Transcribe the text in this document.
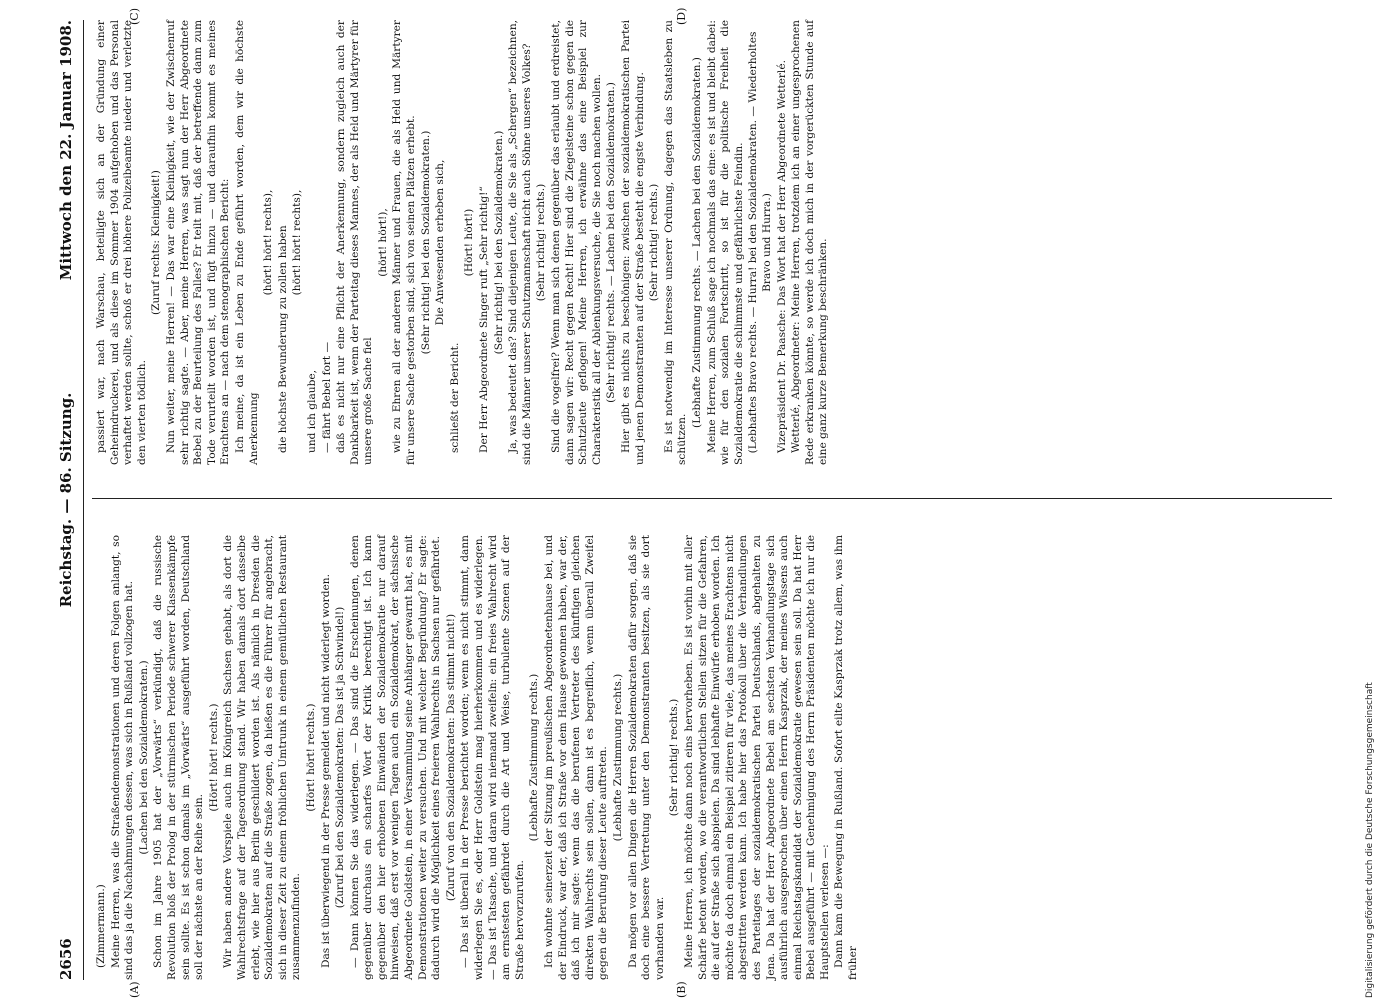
2656
Reichstag. — 86. Sitzung.
Mittwoch den 22. Januar 1908.
(A)	(B)
(C)	(D)

(Zimmermann.) Meine Herren, was die Straßendemonstrationen und deren Folgen anlangt, so sind das ja die Nachahmungen dessen, was sich in Rußland vollzogen hat. (Lachen bei den Sozialdemokraten.) Schon im Jahre 1905 hat der „Vorwärts“ verkündigt, daß die russische Revolution bloß der Prolog in der stürmischen Periode schwerer Klassenkämpfe sein sollte. Es ist schon damals im „Vorwärts“ ausgeführt worden, Deutschland soll der nächste an der Reihe sein.

(Hört! hört! rechts.) Wir haben andere Vorspiele auch im Königreich Sachsen gehabt, als dort die Wahlrechtsfrage auf der Tagesordnung stand. Wir haben damals dort dasselbe erlebt, wie hier aus Berlin geschildert worden ist. Als nämlich in Dresden die Sozialdemokraten auf die Straße zogen, da hießen es die Führer für angebracht, sich in dieser Zeit zu einem fröhlichen Umtrunk in einem gemütlichen Restaurant zusammenzufinden.

(Hört! hört! rechts.) Das ist überwiegend in der Presse gemeldet und nicht widerlegt worden. (Zuruf bei den Sozialdemokraten: Das ist ja Schwindel!) — Dann können Sie das widerlegen. — Das sind die Erscheinungen, denen gegenüber durchaus ein scharfes Wort der Kritik berechtigt ist. Ich kann gegenüber den hier erhobenen Einwänden der Sozialdemokratie nur darauf hinweisen, daß erst vor wenigen Tagen auch ein Sozialdemokrat, der sächsische Abgeordnete Goldstein, in einer Versammlung seine Anhänger gewarnt hat, es mit Demonstrationen weiter zu versuchen. Und mit welcher Begründung? Er sagte: dadurch wird die Möglichkeit eines freieren Wahlrechts in Sachsen nur gefährdet. (Zuruf von den Sozialdemokraten: Das stimmt nicht!) — Das ist überall in der Presse berichtet worden; wenn es nicht stimmt, dann widerlegen Sie es, oder Herr Goldstein mag hierherkommen und es widerlegen. — Das ist Tatsache, und daran wird niemand zweifeln: ein freies Wahlrecht wird am ernstesten gefährdet durch die Art und Weise, turbulente Szenen auf der Straße hervorzurufen.

(Lebhafte Zustimmung rechts.) Ich wohnte seinerzeit der Sitzung im preußischen Abgeordnetenhause bei, und der Eindruck, war der, daß ich Straße vor dem Hause gewonnen haben, war der, daß ich mir sagte: wenn das die berufenen Vertreter des künftigen gleichen direkten Wahlrechts sein sollen, dann ist es begreiflich, wenn überall Zweifel gegen die Berufung dieser Leute auftreten. (Lebhafte Zustimmung rechts.) Da mögen vor allen Dingen die Herren Sozialdemokraten dafür sorgen, daß sie doch eine bessere Vertretung unter den Demonstranten besitzen, als sie dort vorhanden war.

(Sehr richtig! rechts.) Meine Herren, ich möchte dann noch eins hervorheben. Es ist vorhin mit aller Schärfe betont worden, wo die verantwortlichen Stellen sitzen für die Gefahren, die auf der Straße sich abspielen. Da sind lebhafte Einwürfe erhoben worden. Ich möchte da doch einmal ein Beispiel zitieren für viele, das meines Erachtens nicht abgestritten werden kann. Ich habe hier das Protokoll über die Verhandlungen des Parteitages der sozialdemokratischen Partei Deutschlands, abgehalten zu Jena. Da hat der Herr Abgeordnete Bebel am sechsten Verhandlungstage sich ausführlich ausgesprochen über einen Herrn Kasprzak, der meines Wissens auch einmal Reichstagskandidat der Sozialdemokratie gewesen sein soll. Da hat Herr Bebel ausgeführt — mit Genehmigung des Herrn Präsidenten möchte ich nur die Hauptstellen verlesen —: Dann kam die Bewegung in Rußland. Sofort eilte Kasprzak trotz allem, was ihm früher

passiert war, nach Warschau, beteiligte sich an der Gründung einer Geheimdruckerei, und als diese im Sommer 1904 aufgehoben und das Personal verhaftet werden sollte, schoß er drei höhere Polizeibeamte nieder und verletzte den vierten tödlich.

(Zuruf rechts: Kleinigkeit!) Nun weiter, meine Herren! — Das war eine Kleinigkeit, wie der Zwischenruf sehr richtig sagte. — Aber, meine Herren, was sagt nun der Herr Abgeordnete Bebel zu der Beurteilung des Falles? Er teilt mit, daß der betreffende dann zum Tode verurteilt worden ist, und fügt hinzu — und daraufhin kommt es meines Erachtens an — nach dem stenographischen Bericht: Ich meine, da ist ein Leben zu Ende geführt worden, dem wir die höchste Anerkennung

(hört! hört! rechts), die höchste Bewunderung zu zollen haben (hört! hört! rechts),

und ich glaube, — fährt Bebel fort — daß es nicht nur eine Pflicht der Anerkennung, sondern zugleich auch der Dankbarkeit ist, wenn der Parteitag dieses Mannes, der als Held und Märtyrer für unsere große Sache fiel

(hört! hört!), wie zu Ehren all der anderen Männer und Frauen, die als Held und Märtyrer für unsere Sache gestorben sind, sich von seinen Plätzen erhebt. (Sehr richtig! bei den Sozialdemokraten.) Die Anwesenden erheben sich,

schließt der Bericht.

(Hört! hört!) Der Herr Abgeordnete Singer ruft „Sehr richtig!“ (Sehr richtig! bei den Sozialdemokraten.) Ja, was bedeutet das? Sind diejenigen Leute, die Sie als „Schergen“ bezeichnen, sind die Männer unserer Schutzmannschaft nicht auch Söhne unseres Volkes? (Sehr richtig! rechts.) Sind die vogelfrei? Wenn man sich denen gegenüber das erlaubt und erdreistet, dann sagen wir: Recht gegen Recht! Hier sind die Ziegelsteine schon gegen die Schutzleute geflogen! Meine Herren, ich erwähne das eine Beispiel zur Charakteristik all der Ablenkungsversuche, die Sie noch machen wollen. (Sehr richtig! rechts. — Lachen bei den Sozialdemokraten.) Hier gibt es nichts zu beschönigen: zwischen der sozialdemokratischen Partei und jenen Demonstranten auf der Straße besteht die engste Verbindung. (Sehr richtig! rechts.) Es ist notwendig im Interesse unserer Ordnung, dagegen das Staatsleben zu schützen.

(Lebhafte Zustimmung rechts. — Lachen bei den Sozialdemokraten.) Meine Herren, zum Schluß sage ich nochmals das eine: es ist und bleibt dabei: wie für den sozialen Fortschritt, so ist für die politische Freiheit die Sozialdemokratie die schlimmste und gefährlichste Feindin. (Lebhaftes Bravo rechts. — Hurra! bei den Sozialdemokraten. — Wiederholtes Bravo und Hurra.) Vizepräsident Dr. Paasche: Das Wort hat der Herr Abgeordnete Wetterlé. Wetterlé, Abgeordneter: Meine Herren, trotzdem ich an einer ungesprochenen Rede erkranken könnte, so werde ich doch mich in der vorgerückten Stunde auf eine ganz kurze Bemerkung beschränken.

Digitalisierung gefördert durch die Deutsche Forschungsgemeinschaft
